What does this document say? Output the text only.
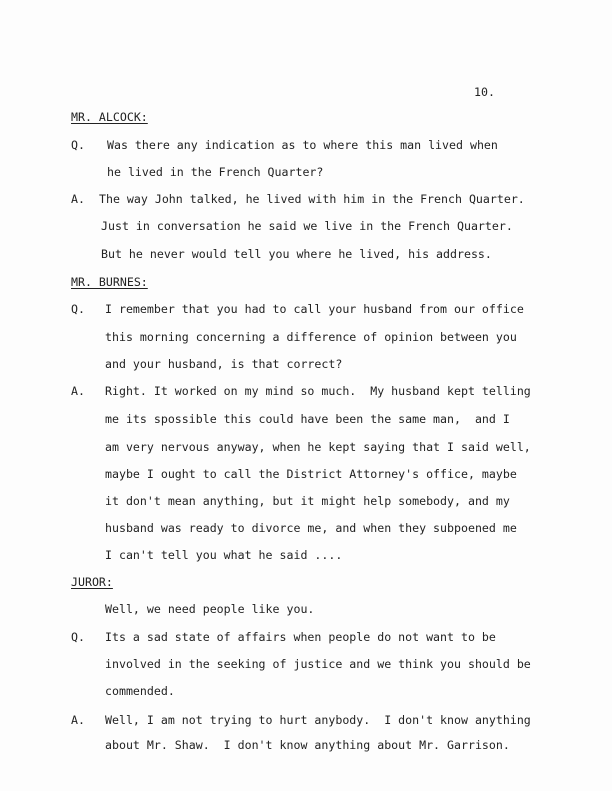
10.
MR. ALCOCK:
Q. Was there any indication as to where this man lived when
he lived in the French Quarter?
A. The way John talked, he lived with him in the French Quarter.
Just in conversation he said we live in the French Quarter.
But he never would tell you where he lived, his address.
MR. BURNES:
Q. I remember that you had to call your husband from our office
this morning concerning a difference of opinion between you
and your husband, is that correct?
A. Right. It worked on my mind so much.  My husband kept telling
me its spossible this could have been the same man,  and I
am very nervous anyway, when he kept saying that I said well,
maybe I ought to call the District Attorney's office, maybe
it don't mean anything, but it might help somebody, and my
husband was ready to divorce me, and when they subpoened me
I can't tell you what he said ....
JUROR:
Well, we need people like you.
Q. Its a sad state of affairs when people do not want to be
involved in the seeking of justice and we think you should be
commended.
A. Well, I am not trying to hurt anybody.  I don't know anything
about Mr. Shaw.  I don't know anything about Mr. Garrison.
